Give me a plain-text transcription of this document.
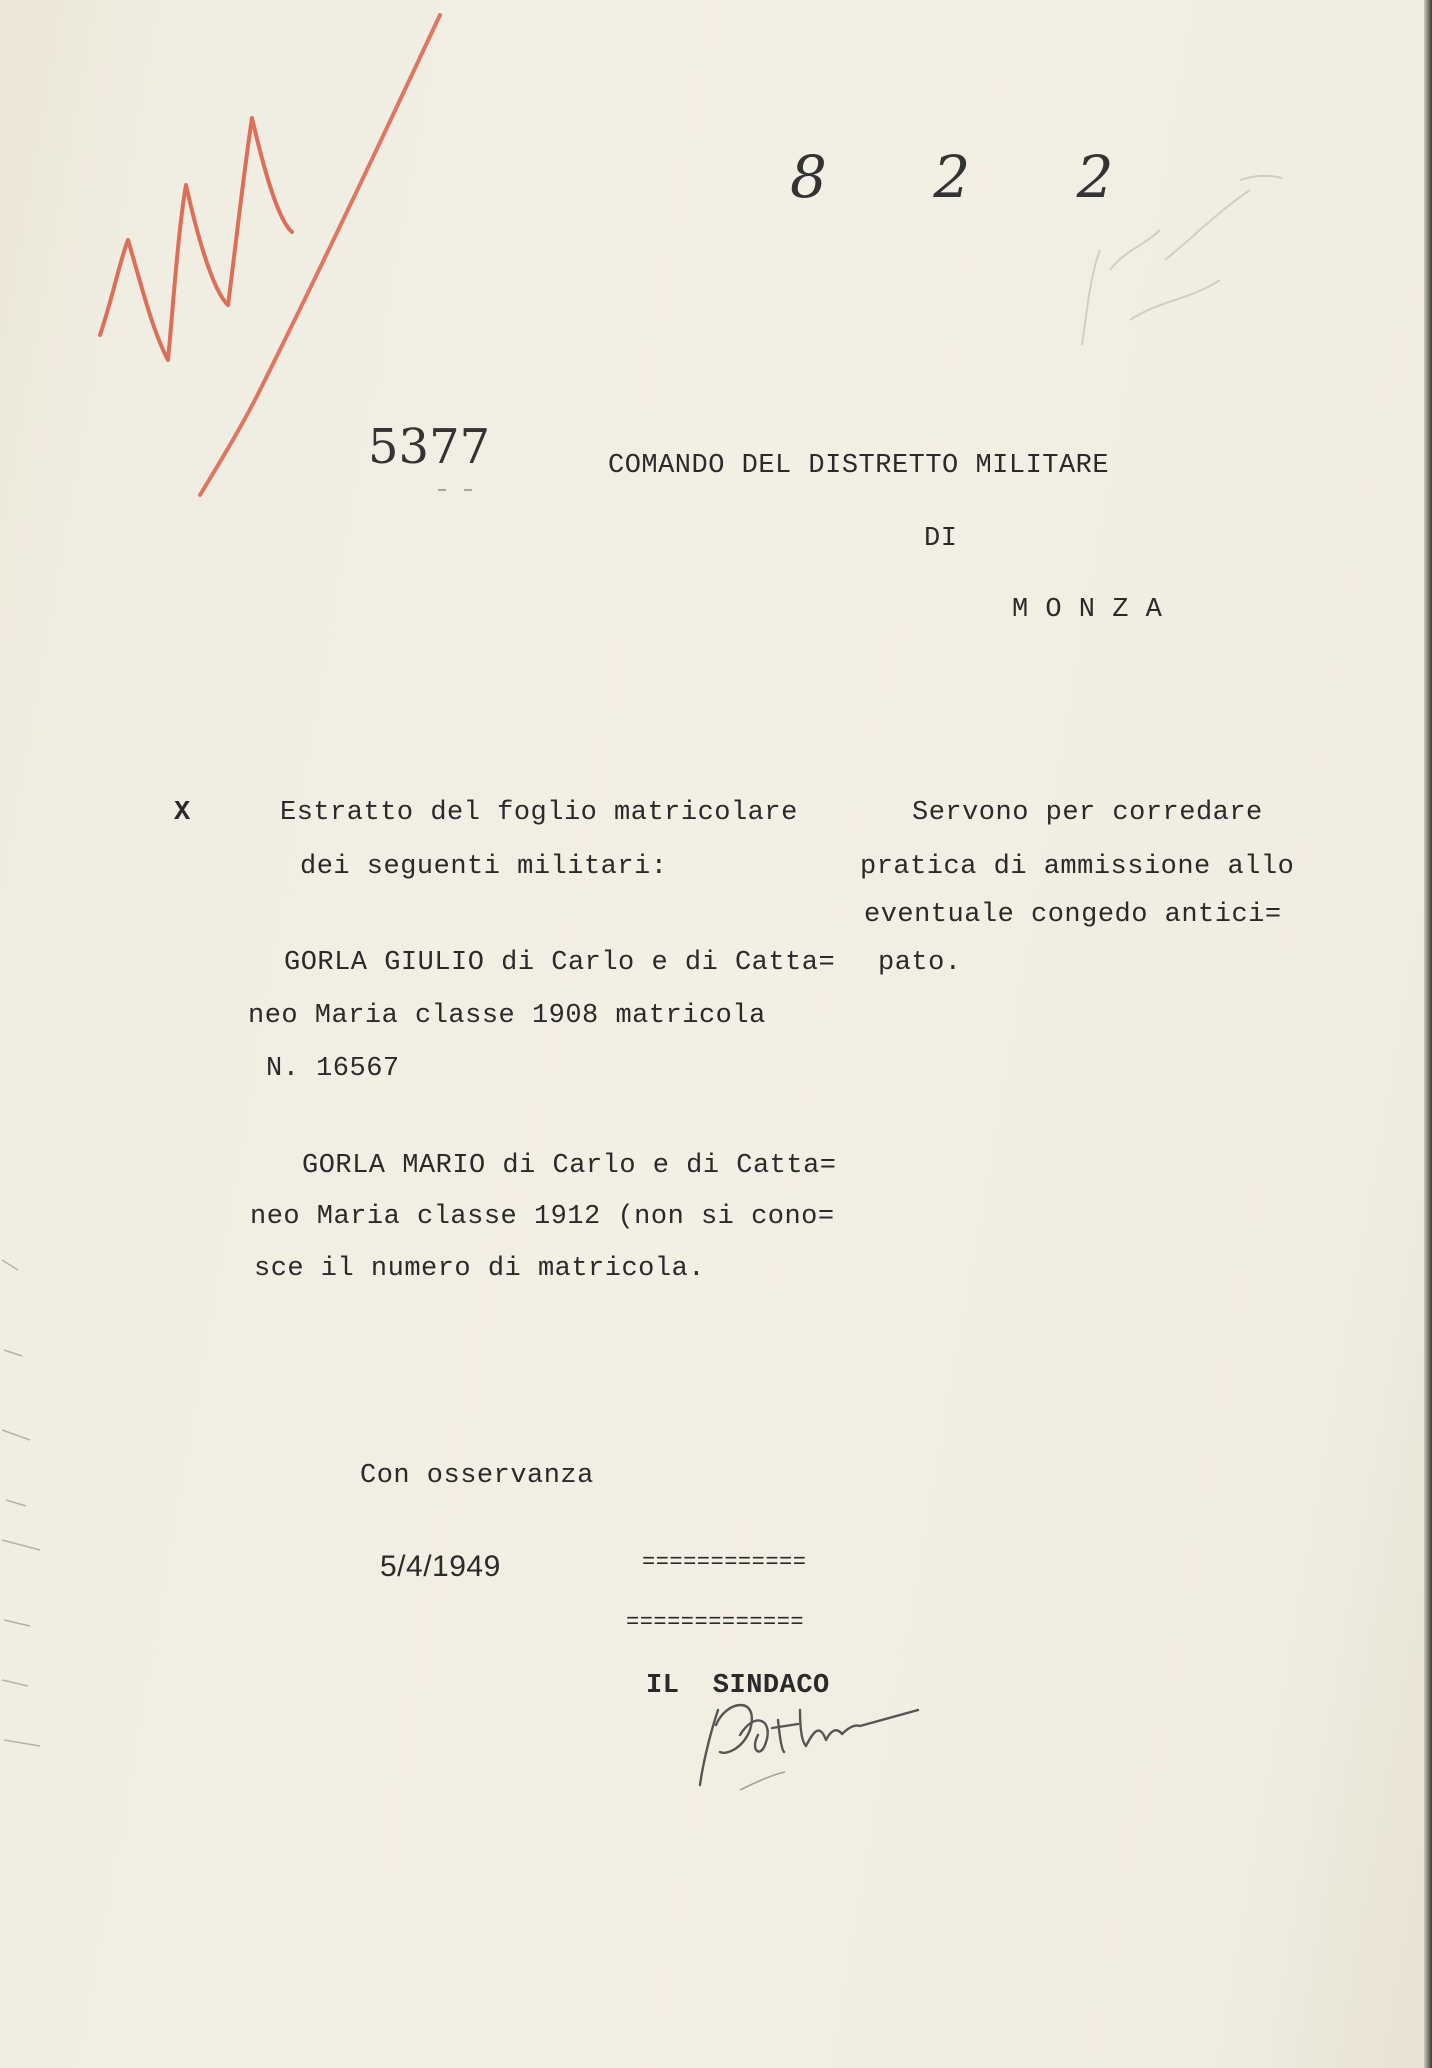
8 2 2
5377	COMANDO DEL DISTRETTO MILITARE
DI
M O N Z A
X	Estratto del foglio matricolare
dei seguenti militari:
GORLA GIULIO di Carlo e di Catta=
neo Maria classe 1908 matricola
N. 16567
GORLA MARIO di Carlo e di Catta=
neo Maria classe 1912 (non si cono=
sce il numero di matricola.
Servono per corredare
pratica di ammissione allo
eventuale congedo antici=
pato.
Con osservanza
5/4/1949	============
=============
IL  SINDACO
